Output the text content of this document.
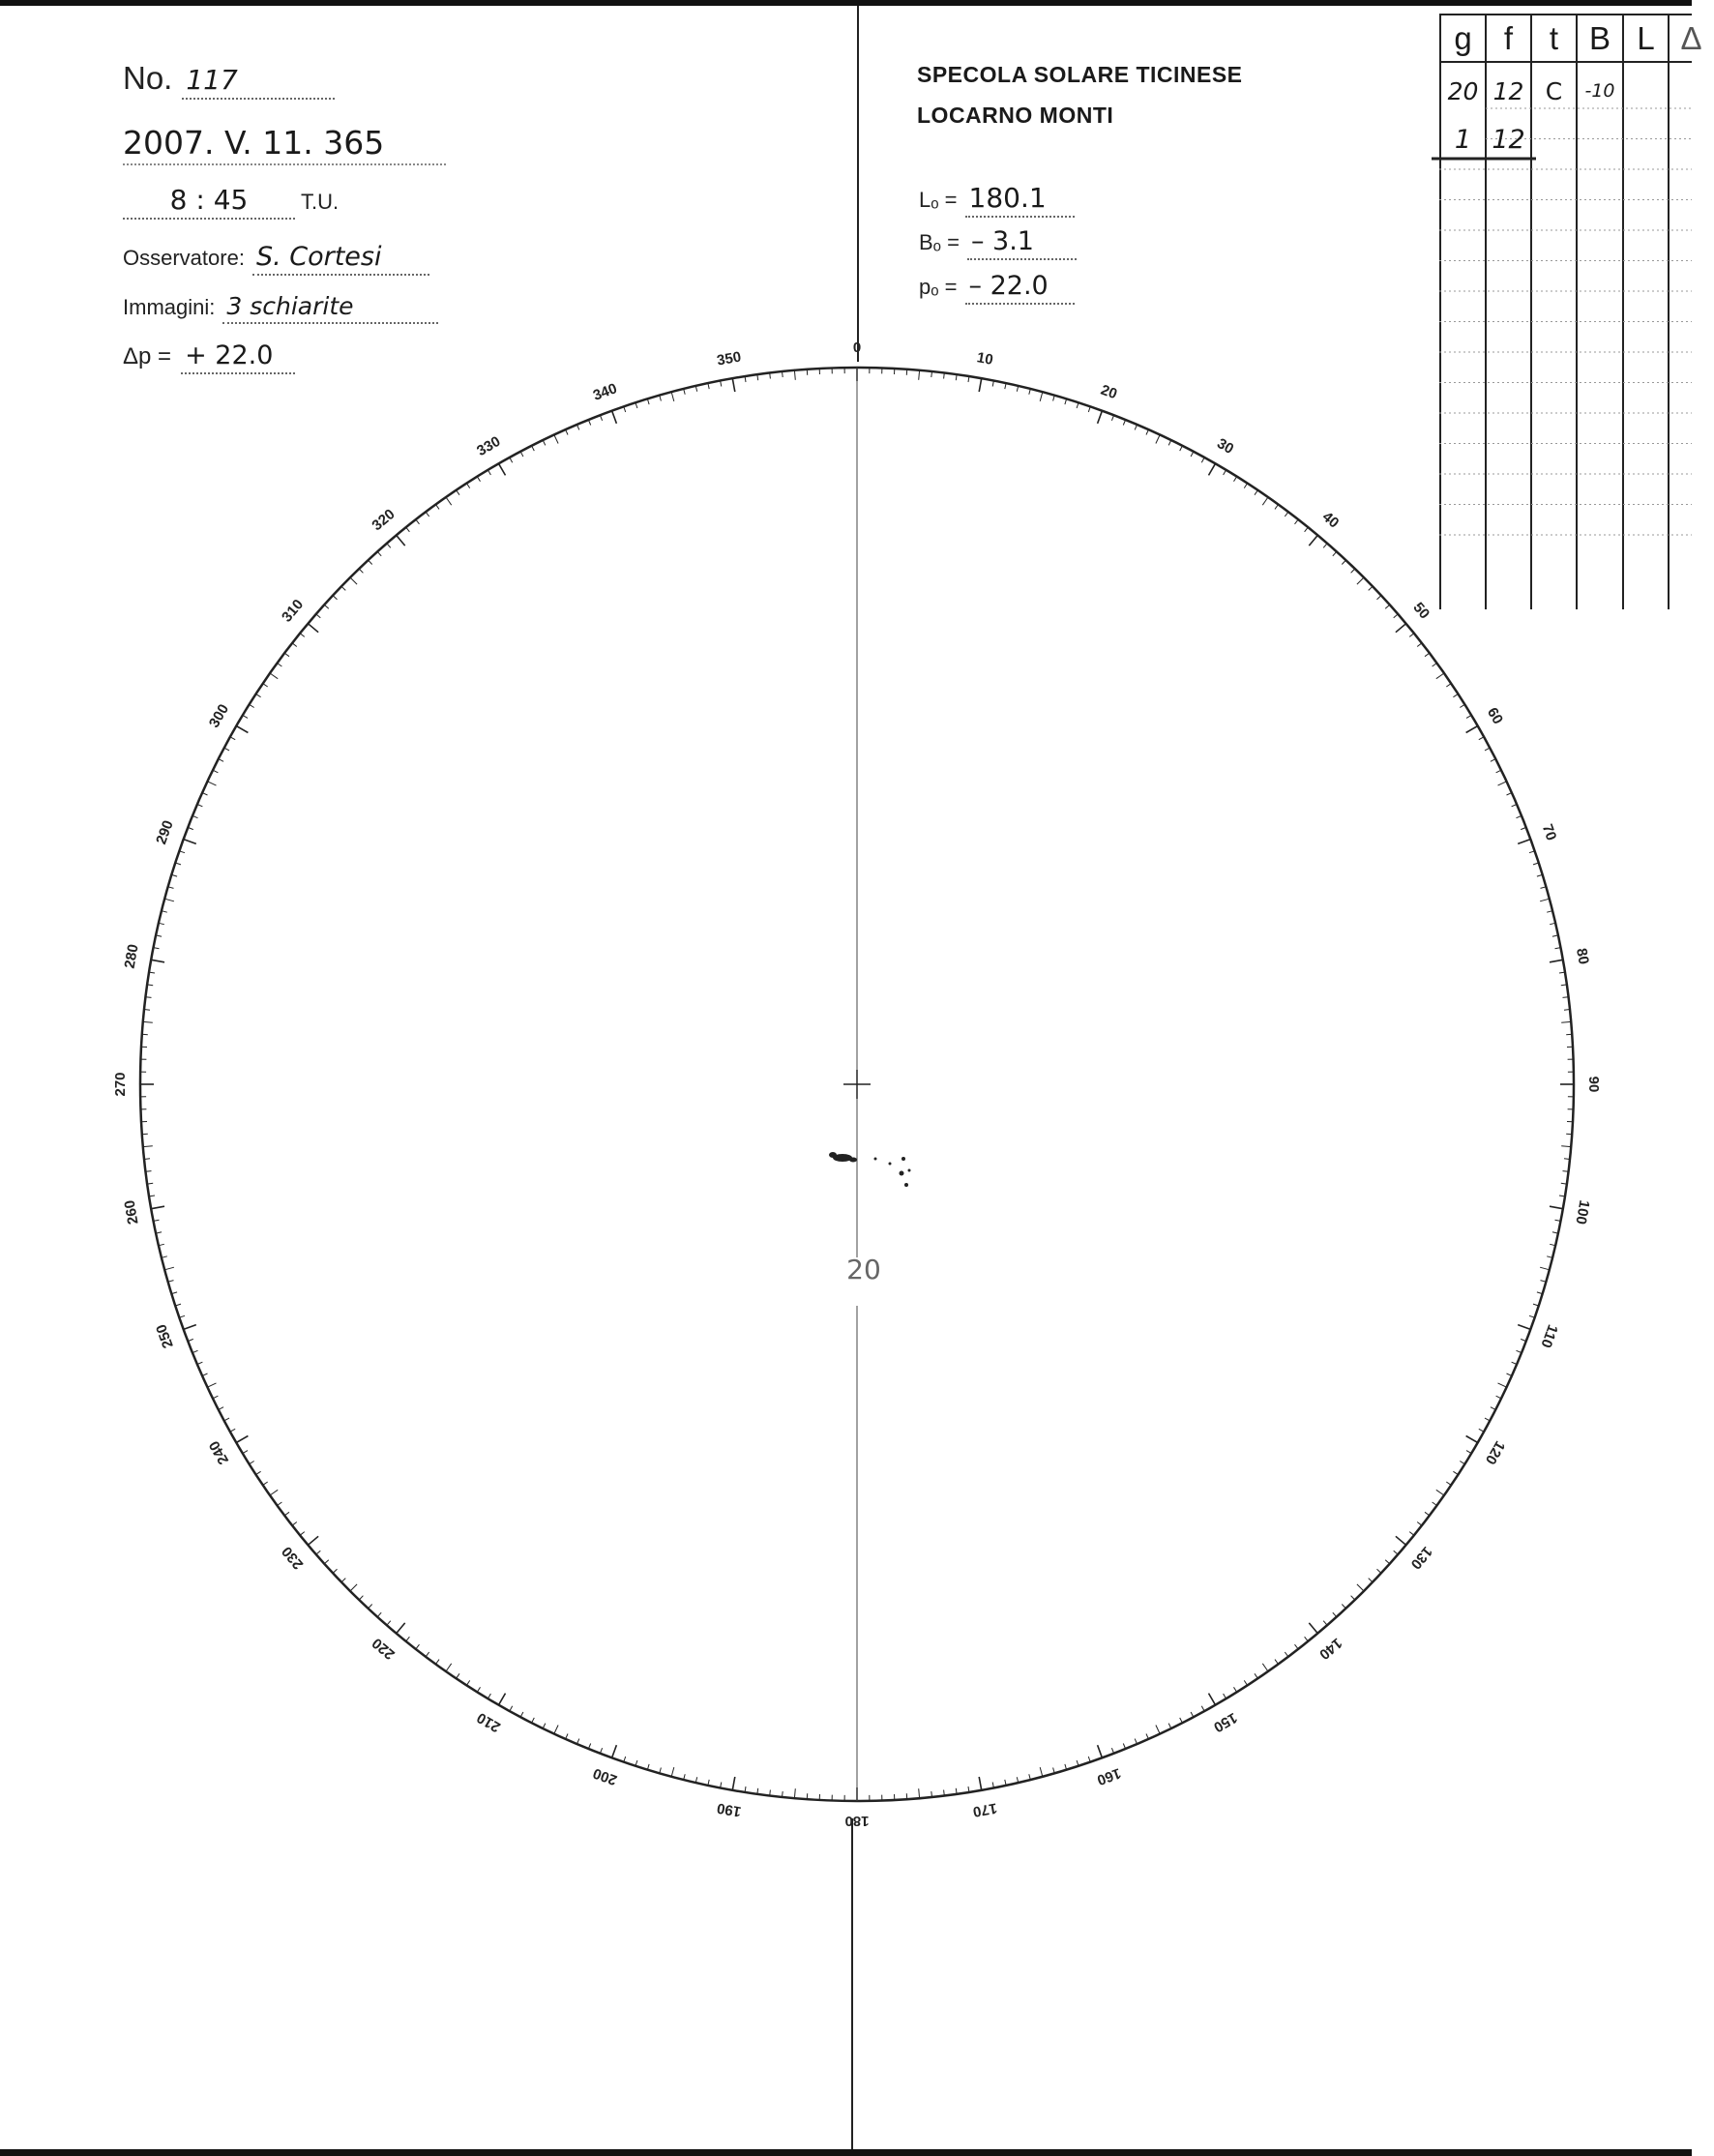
No. 117
2007. V. 11. 365
8 : 45	T.U.
Osservatore: S. Cortesi
Immagini: 3 schiarite
Δp = + 22.0
SPECOLA SOLARE TICINESE
LOCARNO MONTI
Lₒ = 180.1
Bₒ = – 3.1
pₒ = – 22.0
g	f	t B L Δ
20 12 C	-10
1 12
0
10
20
30
40
50
60
70
80
90
100
110
120
130
140
150
160
170
180
190
200
210
220
230
240
250
260
270
280
290
300
310
320
330
340
350
20
